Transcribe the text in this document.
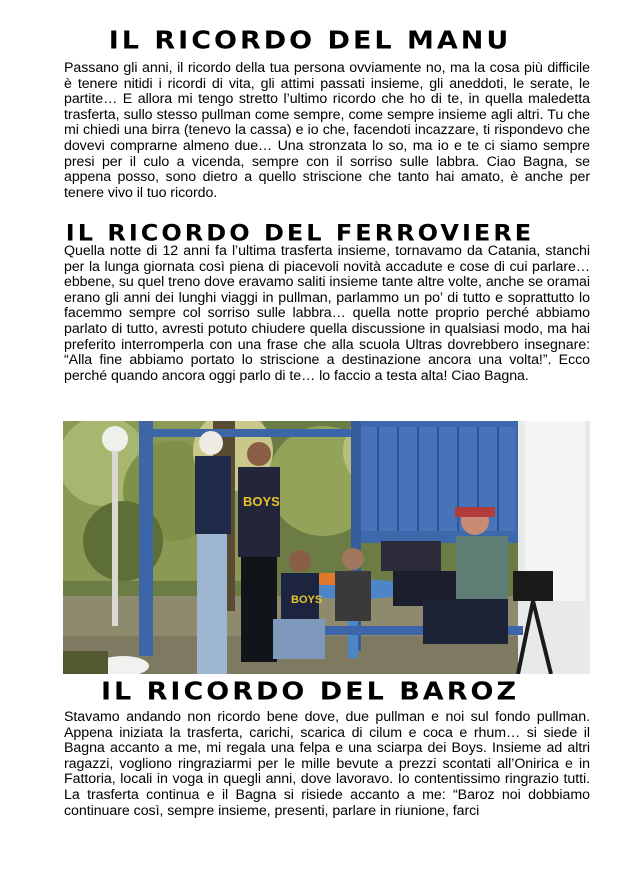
IL RICORDO DEL MANU

Passano gli anni, il ricordo della tua persona ovviamente no, ma la cosa più difficile è tenere nitidi i ricordi di vita, gli attimi passati insieme, gli aneddoti, le serate, le partite… E allora mi tengo stretto l’ultimo ricordo che ho di te, in quella maledetta trasferta, sullo stesso pullman come sempre, come sempre insieme agli altri. Tu che mi chiedi una birra (tenevo la cassa) e io che, facendoti incazzare, ti rispondevo che dovevi comprarne almeno due… Una stronzata lo so, ma io e te ci siamo sempre presi per il culo a vicenda, sempre con il sorriso sulle labbra. Ciao Bagna, se appena posso, sono dietro a quello striscione che tanto hai amato, è anche per tenere vivo il tuo ricordo.

IL RICORDO DEL FERROVIERE

Quella notte di 12 anni fa l’ultima trasferta insieme, tornavamo da Catania, stanchi per la lunga giornata così piena di piacevoli novità accadute e cose di cui parlare… ebbene, su quel treno dove eravamo saliti insieme tante altre volte, anche se oramai erano gli anni dei lunghi viaggi in pullman, parlammo un po’ di tutto e soprattutto lo facemmo sempre col sorriso sulle labbra… quella notte proprio perché abbiamo parlato di tutto, avresti potuto chiudere quella discussione in qualsiasi modo, ma hai preferito interromperla con una frase che alla scuola Ultras dovrebbero insegnare: “Alla fine abbiamo portato lo striscione a destinazione ancora una volta!”. Ecco perché quando ancora oggi parlo di te… lo faccio a testa alta! Ciao Bagna.

BOYS
BOYS
IL RICORDO DEL BAROZ

Stavamo andando non ricordo bene dove, due pullman e noi sul fondo pullman. Appena iniziata la trasferta, carichi, scarica di cilum e coca e rhum… si siede il Bagna accanto a me, mi regala una felpa e una sciarpa dei Boys. Insieme ad altri ragazzi, vogliono ringraziarmi per le mille bevute a prezzi scontati all’Onirica e in Fattoria, locali in voga in quegli anni, dove lavoravo. Io contentissimo ringrazio tutti. La trasferta continua e il Bagna si risiede accanto a me: “Baroz noi dobbiamo continuare così, sempre insieme, presenti, parlare in riunione, farci
